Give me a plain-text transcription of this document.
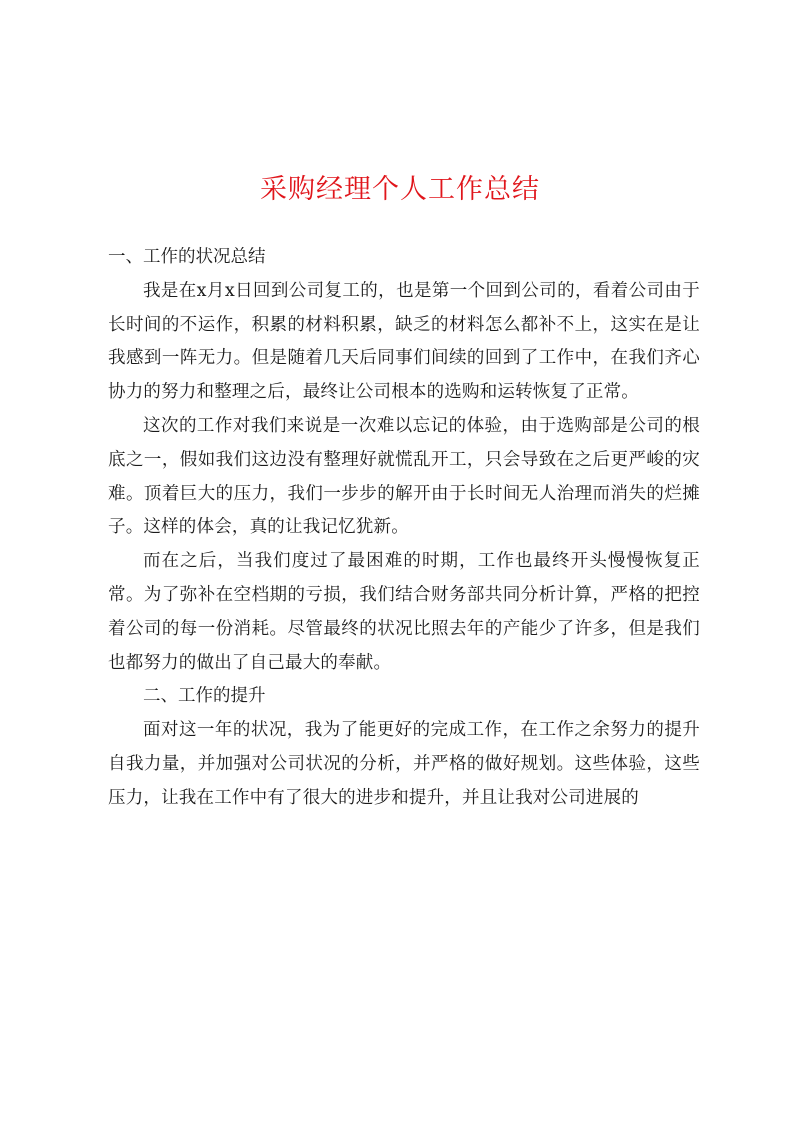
采购经理个人工作总结

一、工作的状况总结

我是在x月x日回到公司复工的，也是第一个回到公司的，看着公司由于长时间的不运作，积累的材料积累，缺乏的材料怎么都补不上，这实在是让我感到一阵无力。但是随着几天后同事们间续的回到了工作中，在我们齐心协力的努力和整理之后，最终让公司根本的选购和运转恢复了正常。

这次的工作对我们来说是一次难以忘记的体验，由于选购部是公司的根底之一，假如我们这边没有整理好就慌乱开工，只会导致在之后更严峻的灾难。顶着巨大的压力，我们一步步的解开由于长时间无人治理而消失的烂摊子。这样的体会，真的让我记忆犹新。

而在之后，当我们度过了最困难的时期，工作也最终开头慢慢恢复正常。为了弥补在空档期的亏损，我们结合财务部共同分析计算，严格的把控着公司的每一份消耗。尽管最终的状况比照去年的产能少了许多，但是我们也都努力的做出了自己最大的奉献。

二、工作的提升

面对这一年的状况，我为了能更好的完成工作，在工作之余努力的提升自我力量，并加强对公司状况的分析，并严格的做好规划。这些体验，这些压力，让我在工作中有了很大的进步和提升，并且让我对公司进展的
